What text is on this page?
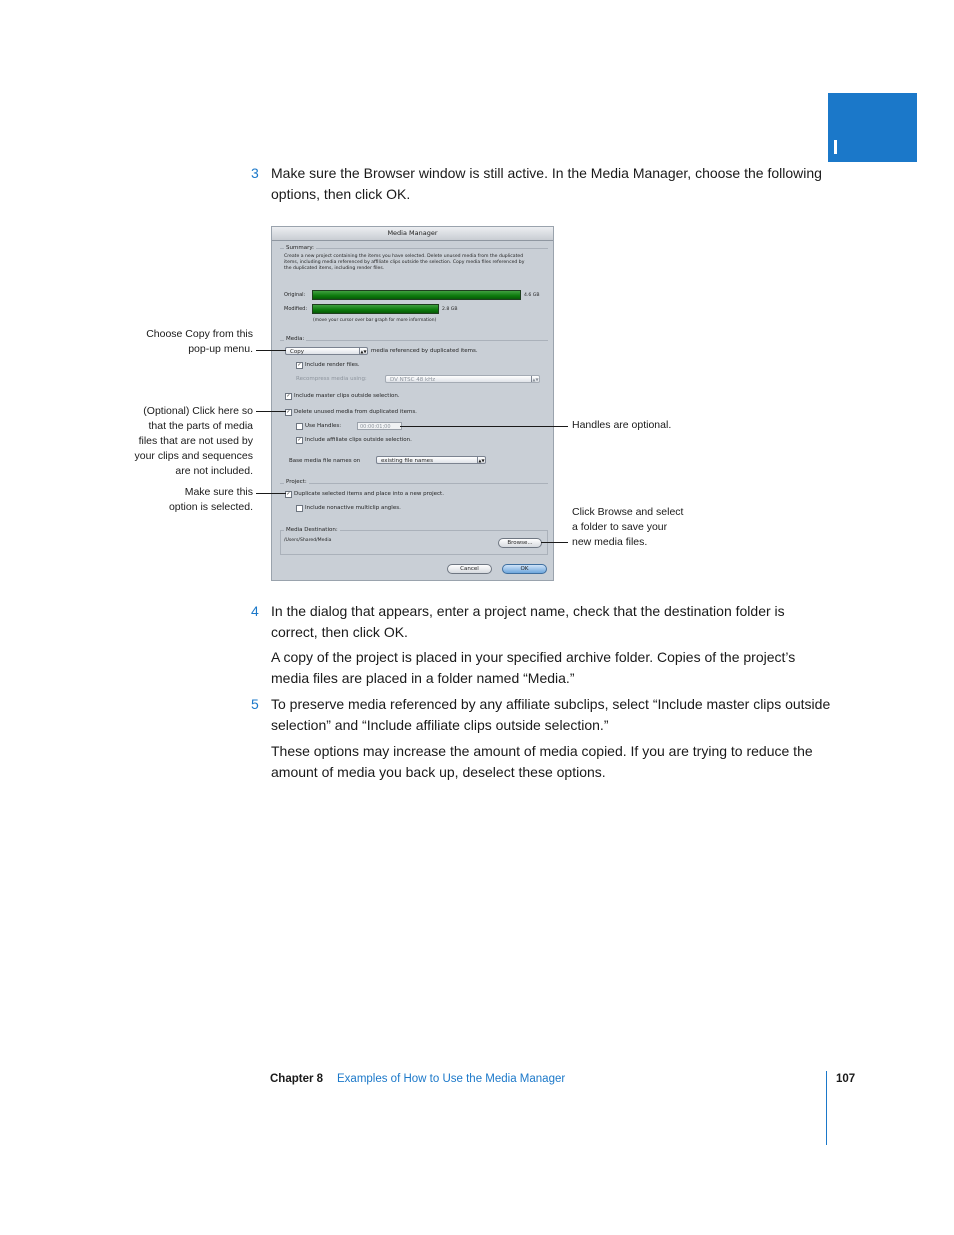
3 Make sure the Browser window is still active. In the Media Manager, choose the following options, then click OK.
Media Manager
Summary:
Create a new project containing the items you have selected. Delete unused media from the duplicated
items, including media referenced by affiliate clips outside the selection. Copy media files referenced by
the duplicated items, including render files.
Original:	4.6 GB
Modified:	2.8 GB
(move your cursor over bar graph for more information)
Media:
Copy	▲▼ media referenced by duplicated items.
✓ Include render files.
Recompress media using:	DV NTSC 48 kHz	▲▼
✓ Include master clips outside selection.
✓ Delete unused media from duplicated items.
Use Handles:	00:00:01;00
✓ Include affiliate clips outside selection.
Base media file names on	existing file names	▲▼
Project:
✓ Duplicate selected items and place into a new project.
Include nonactive multiclip angles.
Media Destination:
/Users/Shared/Media	Browse...
Cancel	OK
Choose Copy from this
pop-up menu.
(Optional) Click here so
that the parts of media
files that are not used by
your clips and sequences
are not included.
Make sure this
option is selected.
Handles are optional.
Click Browse and select
a folder to save your
new media files.
4 In the dialog that appears, enter a project name, check that the destination folder is correct, then click OK.
A copy of the project is placed in your specified archive folder. Copies of the project’s media files are placed in a folder named “Media.”
5 To preserve media referenced by any affiliate subclips, select “Include master clips outside selection” and “Include affiliate clips outside selection.”
These options may increase the amount of media copied. If you are trying to reduce the amount of media you back up, deselect these options.
Chapter 8 Examples of How to Use the Media Manager	107
